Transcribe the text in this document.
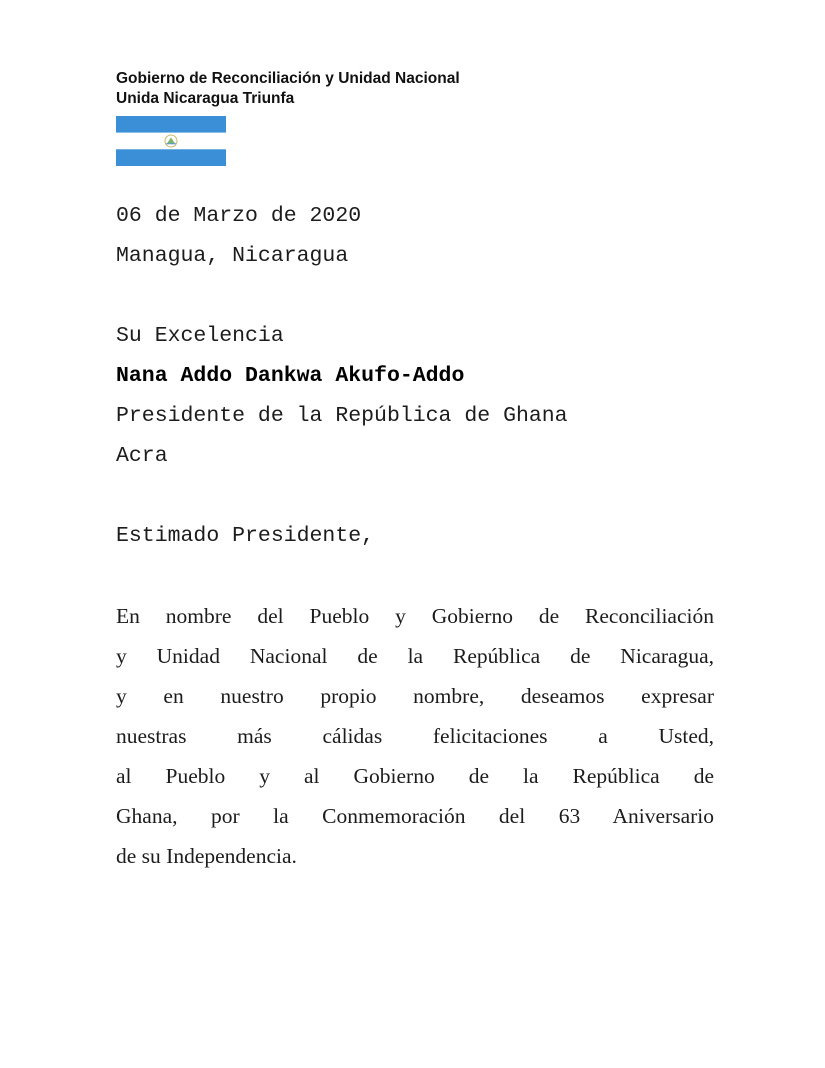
Gobierno de Reconciliación y Unidad Nacional
Unida Nicaragua Triunfa
06 de Marzo de 2020
Managua, Nicaragua
Su Excelencia
Nana Addo Dankwa Akufo-Addo
Presidente de la República de Ghana
Acra
Estimado Presidente,
En nombre del Pueblo y Gobierno de Reconciliación
y Unidad Nacional de la República de Nicaragua,
y en nuestro propio nombre, deseamos expresar
nuestras más cálidas felicitaciones a Usted,
al Pueblo y al Gobierno de la República de
Ghana, por la Conmemoración del 63 Aniversario
de su Independencia.
